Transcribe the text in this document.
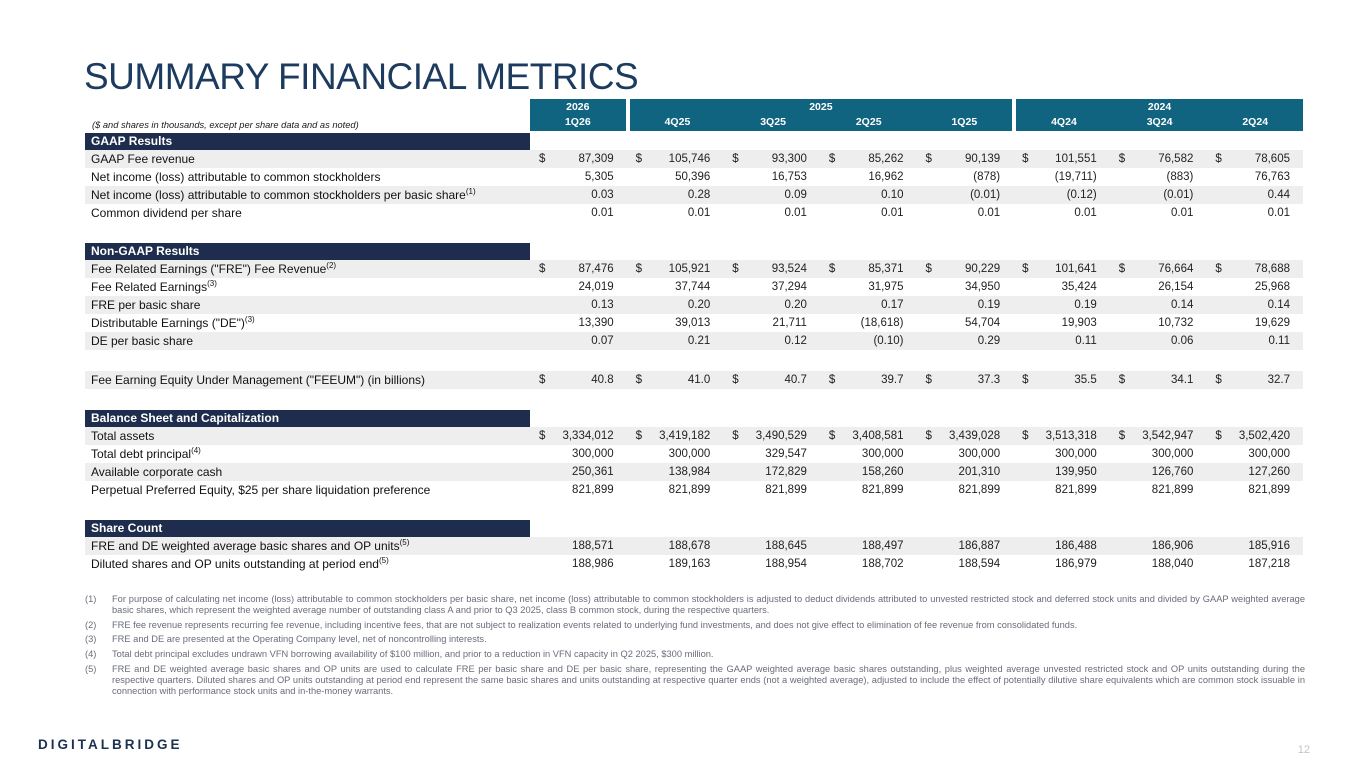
SUMMARY FINANCIAL METRICS
($ and shares in thousands, except per share data and as noted)
2026
1Q26
2025
4Q25	3Q25	2Q25	1Q25
2024
4Q24	3Q24	2Q24
GAAP Results
GAAP Fee revenue	$	87,309 $ 105,746 $	93,300 $	85,262 $	90,139 $ 101,551 $	76,582 $	78,605
Net income (loss) attributable to common stockholders	5,305	50,396	16,753	16,962	(878)	(19,711)	(883)	76,763
Net income (loss) attributable to common stockholders per basic share$^{(1)}$	0.03	0.28	0.09	0.10	(0.01)	(0.12)	(0.01)	0.44
Common dividend per share	0.01	0.01	0.01	0.01	0.01	0.01	0.01	0.01
Non-GAAP Results
Fee Related Earnings ("FRE") Fee Revenue$^{(2)}$	$	87,476 $ 105,921 $	93,524 $	85,371 $	90,229 $ 101,641 $	76,664 $	78,688
Fee Related Earnings$^{(3)}$	24,019	37,744	37,294	31,975	34,950	35,424	26,154	25,968
FRE per basic share	0.13	0.20	0.20	0.17	0.19	0.19	0.14	0.14
Distributable Earnings ("DE")$^{(3)}$	13,390	39,013	21,711	(18,618)	54,704	19,903	10,732	19,629
DE per basic share	0.07	0.21	0.12	(0.10)	0.29	0.11	0.06	0.11
Fee Earning Equity Under Management ("FEEUM") (in billions)	$	40.8 $	41.0 $	40.7 $	39.7 $	37.3 $	35.5 $	34.1 $	32.7
Balance Sheet and Capitalization
Total assets	$ 3,334,012 $ 3,419,182 $ 3,490,529 $ 3,408,581 $ 3,439,028 $ 3,513,318 $ 3,542,947 $ 3,502,420
Total debt principal$^{(4)}$	300,000	300,000	329,547	300,000	300,000	300,000	300,000	300,000
Available corporate cash	250,361	138,984	172,829	158,260	201,310	139,950	126,760	127,260
Perpetual Preferred Equity, $25 per share liquidation preference	821,899	821,899	821,899	821,899	821,899	821,899	821,899	821,899
Share Count
FRE and DE weighted average basic shares and OP units$^{(5)}$	188,571	188,678	188,645	188,497	186,887	186,488	186,906	185,916
Diluted shares and OP units outstanding at period end$^{(5)}$	188,986	189,163	188,954	188,702	188,594	186,979	188,040	187,218
(1)	For purpose of calculating net income (loss) attributable to common stockholders per basic share, net income (loss) attributable to common stockholders is adjusted to deduct dividends attributed to unvested restricted stock and deferred stock units and divided by GAAP weighted average basic shares, which represent the weighted average number of outstanding class A and prior to Q3 2025, class B common stock, during the respective quarters.
(2)	FRE fee revenue represents recurring fee revenue, including incentive fees, that are not subject to realization events related to underlying fund investments, and does not give effect to elimination of fee revenue from consolidated funds.
(3)	FRE and DE are presented at the Operating Company level, net of noncontrolling interests.
(4)	Total debt principal excludes undrawn VFN borrowing availability of $100 million, and prior to a reduction in VFN capacity in Q2 2025, $300 million.
(5)	FRE and DE weighted average basic shares and OP units are used to calculate FRE per basic share and DE per basic share, representing the GAAP weighted average basic shares outstanding, plus weighted average unvested restricted stock and OP units outstanding during the respective quarters. Diluted shares and OP units outstanding at period end represent the same basic shares and units outstanding at respective quarter ends (not a weighted average), adjusted to include the effect of potentially dilutive share equivalents which are common stock issuable in connection with performance stock units and in-the-money warrants.
DIGITALBRIDGE	12
